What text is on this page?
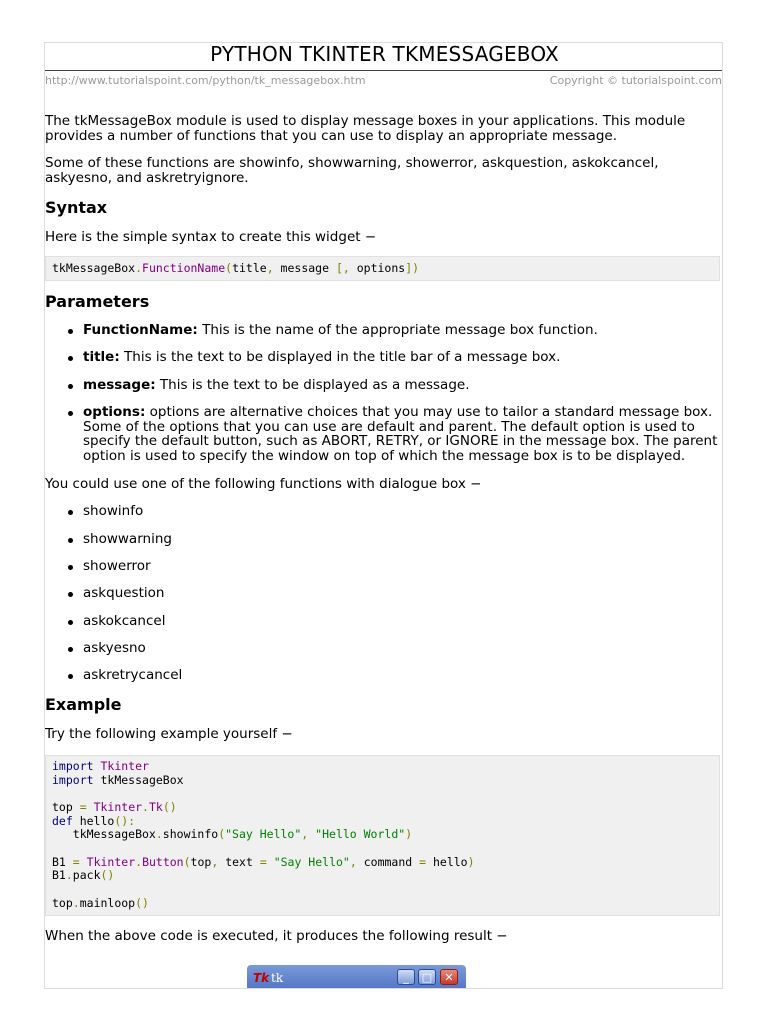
PYTHON TKINTER TKMESSAGEBOX
http://www.tutorialspoint.com/python/tk_messagebox.htm	Copyright © tutorialspoint.com
The tkMessageBox module is used to display message boxes in your applications. This module
provides a number of functions that you can use to display an appropriate message.
Some of these functions are showinfo, showwarning, showerror, askquestion, askokcancel,
askyesno, and askretryignore.
Syntax
Here is the simple syntax to create this widget −
tkMessageBox.FunctionName(title, message [, options])
Parameters
FunctionName: This is the name of the appropriate message box function.
title: This is the text to be displayed in the title bar of a message box.
message: This is the text to be displayed as a message.
options: options are alternative choices that you may use to tailor a standard message box.
Some of the options that you can use are default and parent. The default option is used to
specify the default button, such as ABORT, RETRY, or IGNORE in the message box. The parent
option is used to specify the window on top of which the message box is to be displayed.
You could use one of the following functions with dialogue box −
showinfo
showwarning
showerror
askquestion
askokcancel
askyesno
askretrycancel
Example
Try the following example yourself −
import Tkinter
import tkMessageBox
top = Tkinter.Tk()
def hello():
tkMessageBox.showinfo("Say Hello", "Hello World")
B1 = Tkinter.Button(top, text = "Say Hello", command = hello)
B1.pack()
top.mainloop()
When the above code is executed, it produces the following result −
Tk tk	_	□	✕
